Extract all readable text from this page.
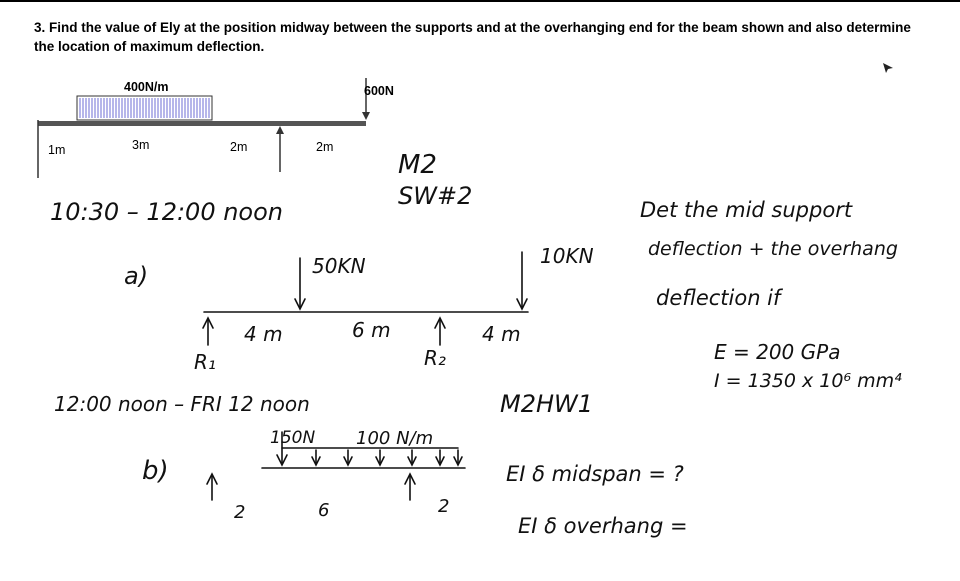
3. Find the value of Ely at the position midway between the supports and at the overhanging end for the beam shown and also determine the location of maximum deflection.
400N/m	600N
1m	3m	2m	2m
M2
SW#2
10:30 – 12:00 noon
a)	50KN	10KN
4 m	6 m	4 m
R₁	R₂
Det the mid support
deflection + the overhang
deflection if
E = 200 GPa
I = 1350 x 10⁶ mm⁴
12:00 noon – FRI 12 noon	M2HW1
b)
150N 100 N/m
2	6	2
EI δ midspan = ?
EI δ overhang =
